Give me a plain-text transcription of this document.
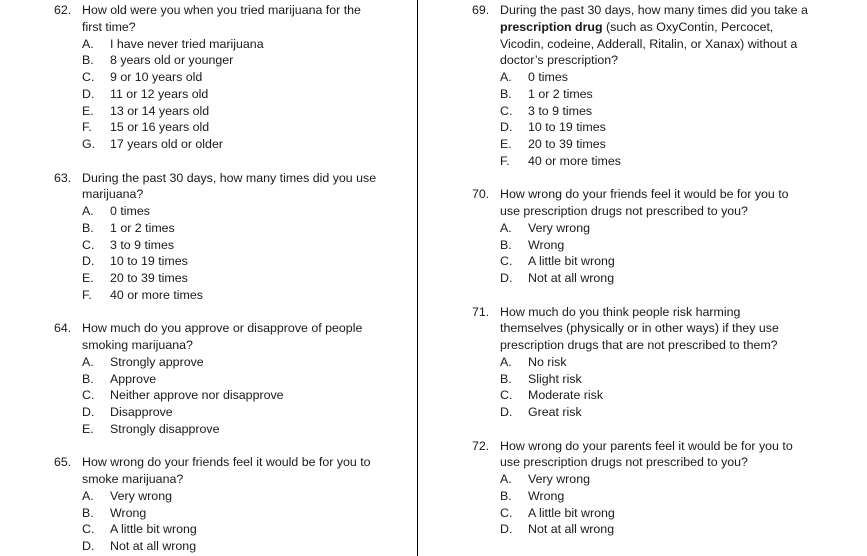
62. How old were you when you tried marijuana for the first time?
A. I have never tried marijuana
B. 8 years old or younger
C. 9 or 10 years old
D. 11 or 12 years old
E. 13 or 14 years old
F. 15 or 16 years old
G. 17 years old or older
63. During the past 30 days, how many times did you use marijuana?
A. 0 times
B. 1 or 2 times
C. 3 to 9 times
D. 10 to 19 times
E. 20 to 39 times
F. 40 or more times
64. How much do you approve or disapprove of people smoking marijuana?
A. Strongly approve
B. Approve
C. Neither approve nor disapprove
D. Disapprove
E. Strongly disapprove
65. How wrong do your friends feel it would be for you to smoke marijuana?
A. Very wrong
B. Wrong
C. A little bit wrong
D. Not at all wrong
69. During the past 30 days, how many times did you take a prescription drug (such as OxyContin, Percocet, Vicodin, codeine, Adderall, Ritalin, or Xanax) without a doctor’s prescription?
A. 0 times
B. 1 or 2 times
C. 3 to 9 times
D. 10 to 19 times
E. 20 to 39 times
F. 40 or more times
70. How wrong do your friends feel it would be for you to use prescription drugs not prescribed to you?
A. Very wrong
B. Wrong
C. A little bit wrong
D. Not at all wrong
71. How much do you think people risk harming themselves (physically or in other ways) if they use prescription drugs that are not prescribed to them?
A. No risk
B. Slight risk
C. Moderate risk
D. Great risk
72. How wrong do your parents feel it would be for you to use prescription drugs not prescribed to you?
A. Very wrong
B. Wrong
C. A little bit wrong
D. Not at all wrong
